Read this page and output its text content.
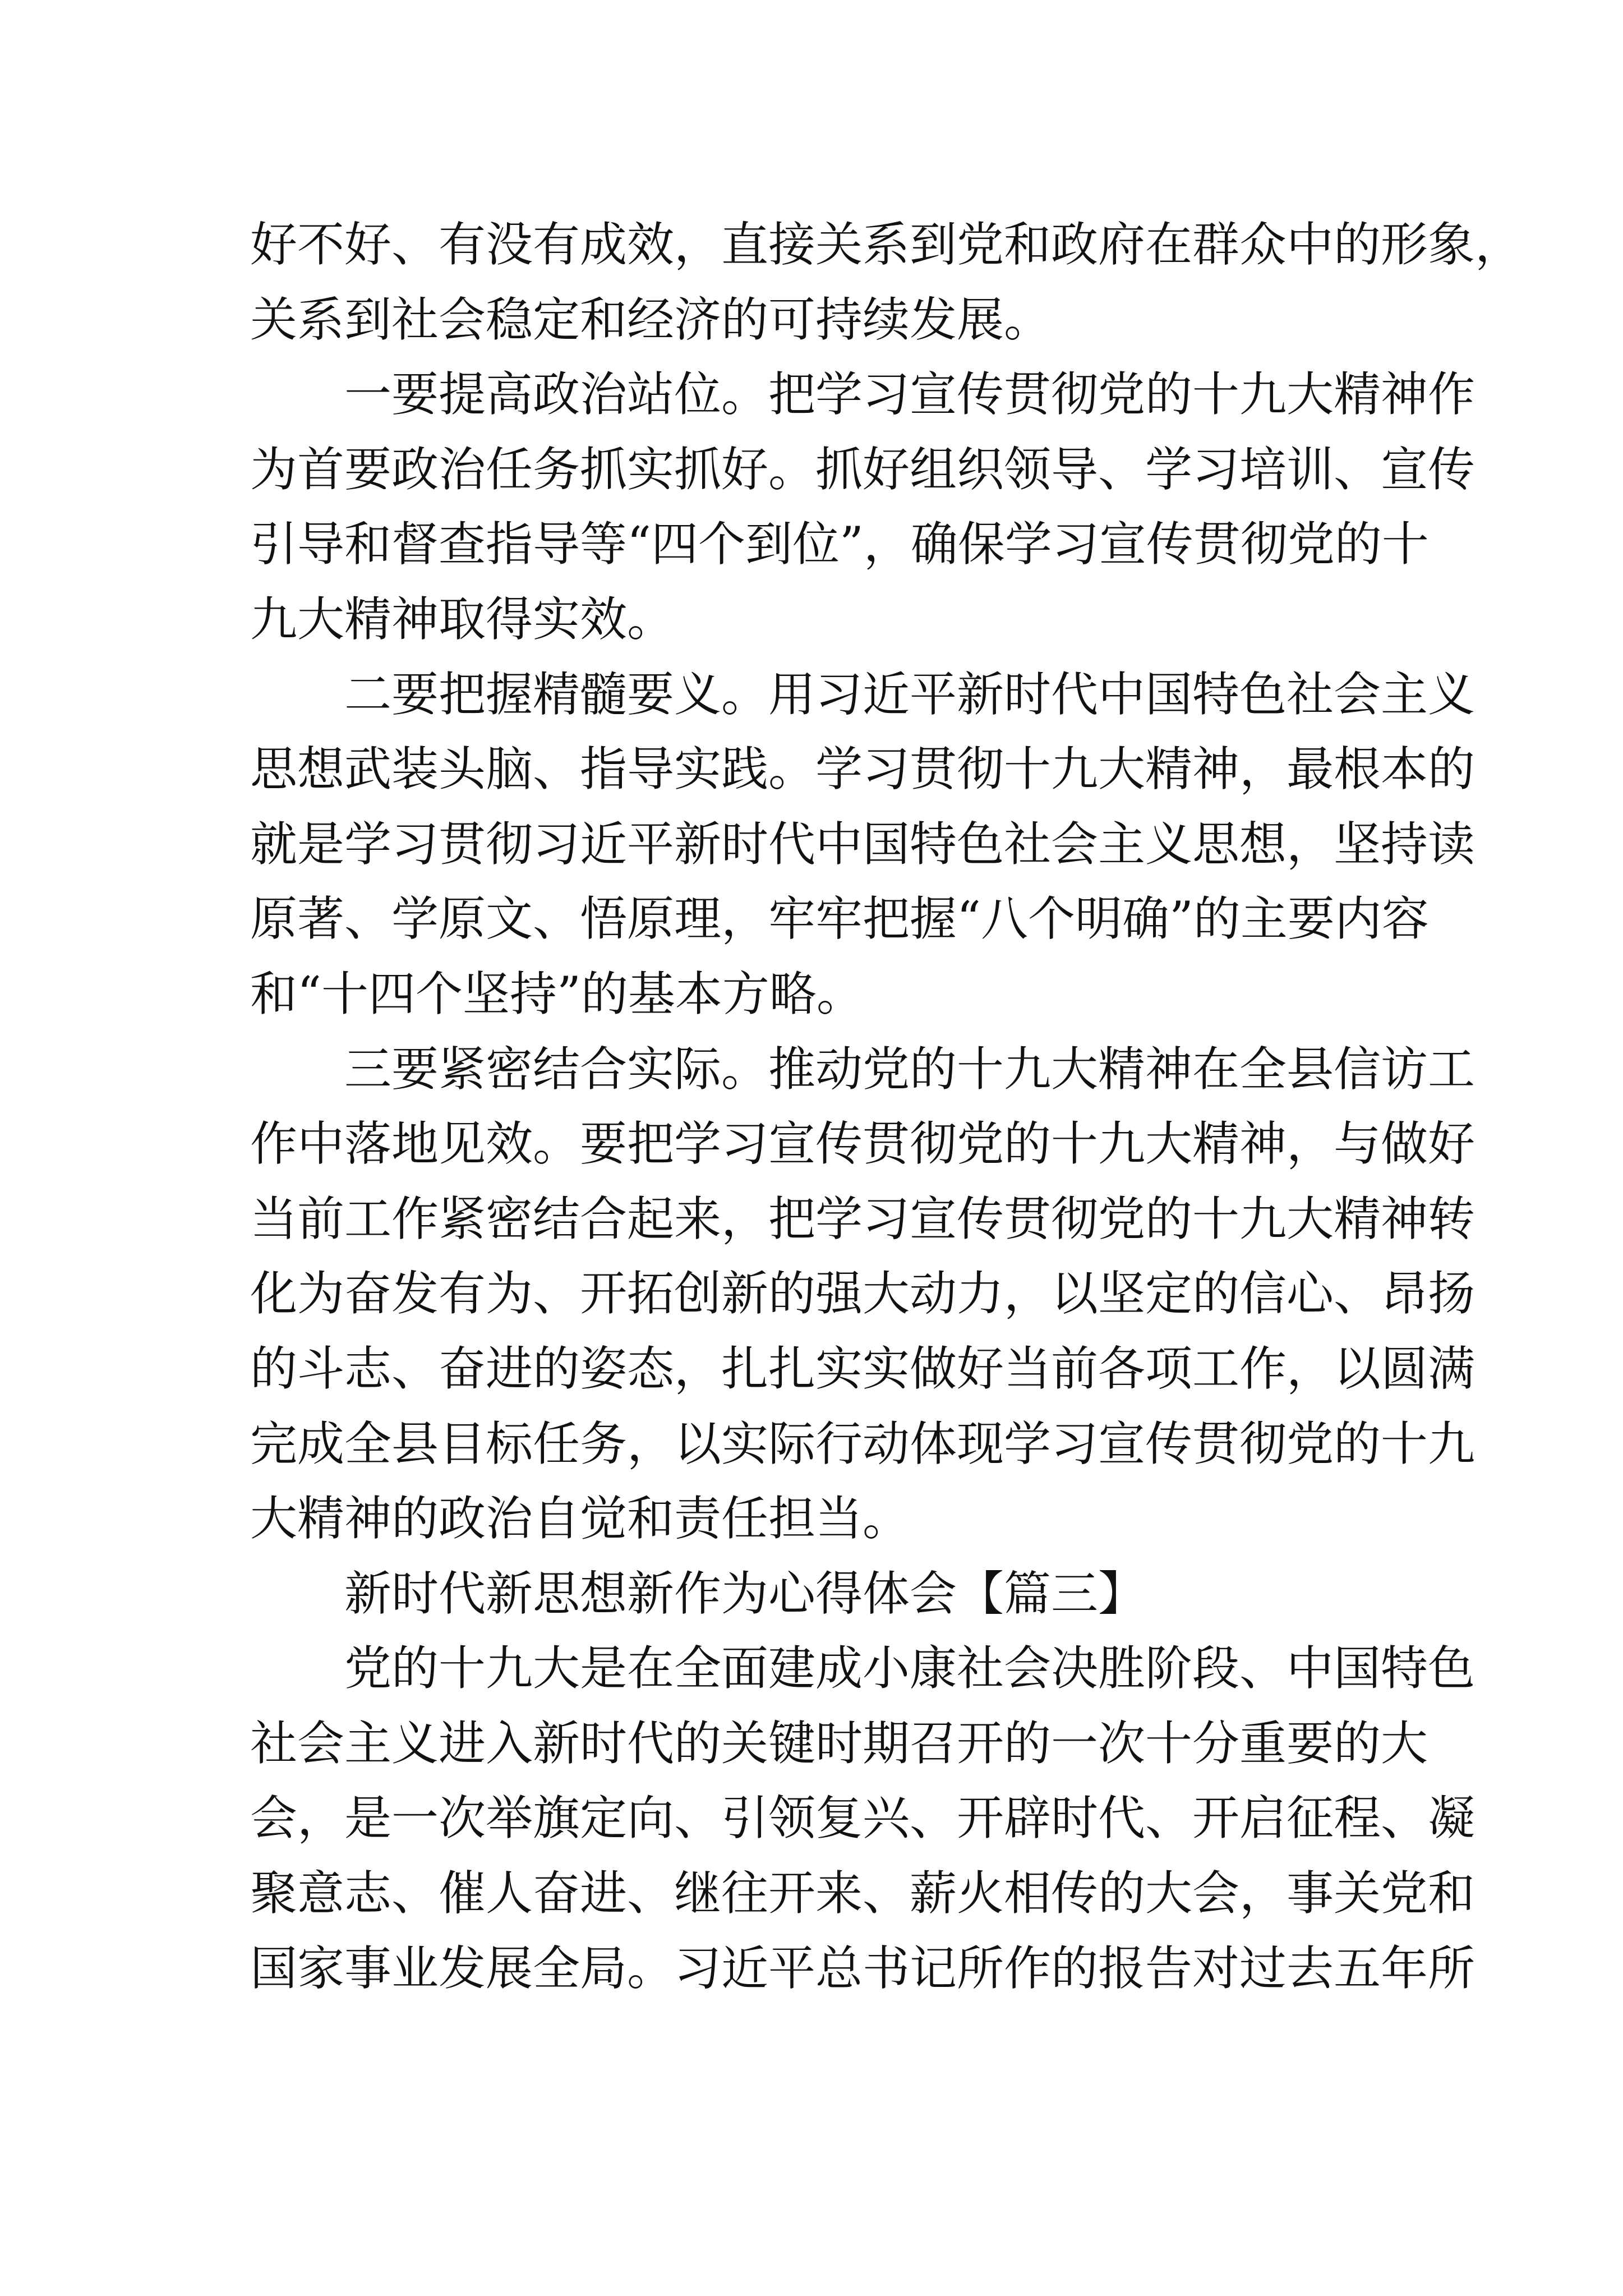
好不好、有没有成效，直接关系到党和政府在群众中的形象，
关系到社会稳定和经济的可持续发展。
一要提高政治站位。把学习宣传贯彻党的十九大精神作
为首要政治任务抓实抓好。抓好组织领导、学习培训、宣传
引导和督查指导等“四个到位”，确保学习宣传贯彻党的十
九大精神取得实效。
二要把握精髓要义。用习近平新时代中国特色社会主义
思想武装头脑、指导实践。学习贯彻十九大精神，最根本的
就是学习贯彻习近平新时代中国特色社会主义思想，坚持读
原著、学原文、悟原理，牢牢把握“八个明确”的主要内容
和“十四个坚持”的基本方略。
三要紧密结合实际。推动党的十九大精神在全县信访工
作中落地见效。要把学习宣传贯彻党的十九大精神，与做好
当前工作紧密结合起来，把学习宣传贯彻党的十九大精神转
化为奋发有为、开拓创新的强大动力，以坚定的信心、昂扬
的斗志、奋进的姿态，扎扎实实做好当前各项工作，以圆满
完成全县目标任务，以实际行动体现学习宣传贯彻党的十九
大精神的政治自觉和责任担当。
新时代新思想新作为心得体会【篇三】
党的十九大是在全面建成小康社会决胜阶段、中国特色
社会主义进入新时代的关键时期召开的一次十分重要的大
会，是一次举旗定向、引领复兴、开辟时代、开启征程、凝
聚意志、催人奋进、继往开来、薪火相传的大会，事关党和
国家事业发展全局。习近平总书记所作的报告对过去五年所
